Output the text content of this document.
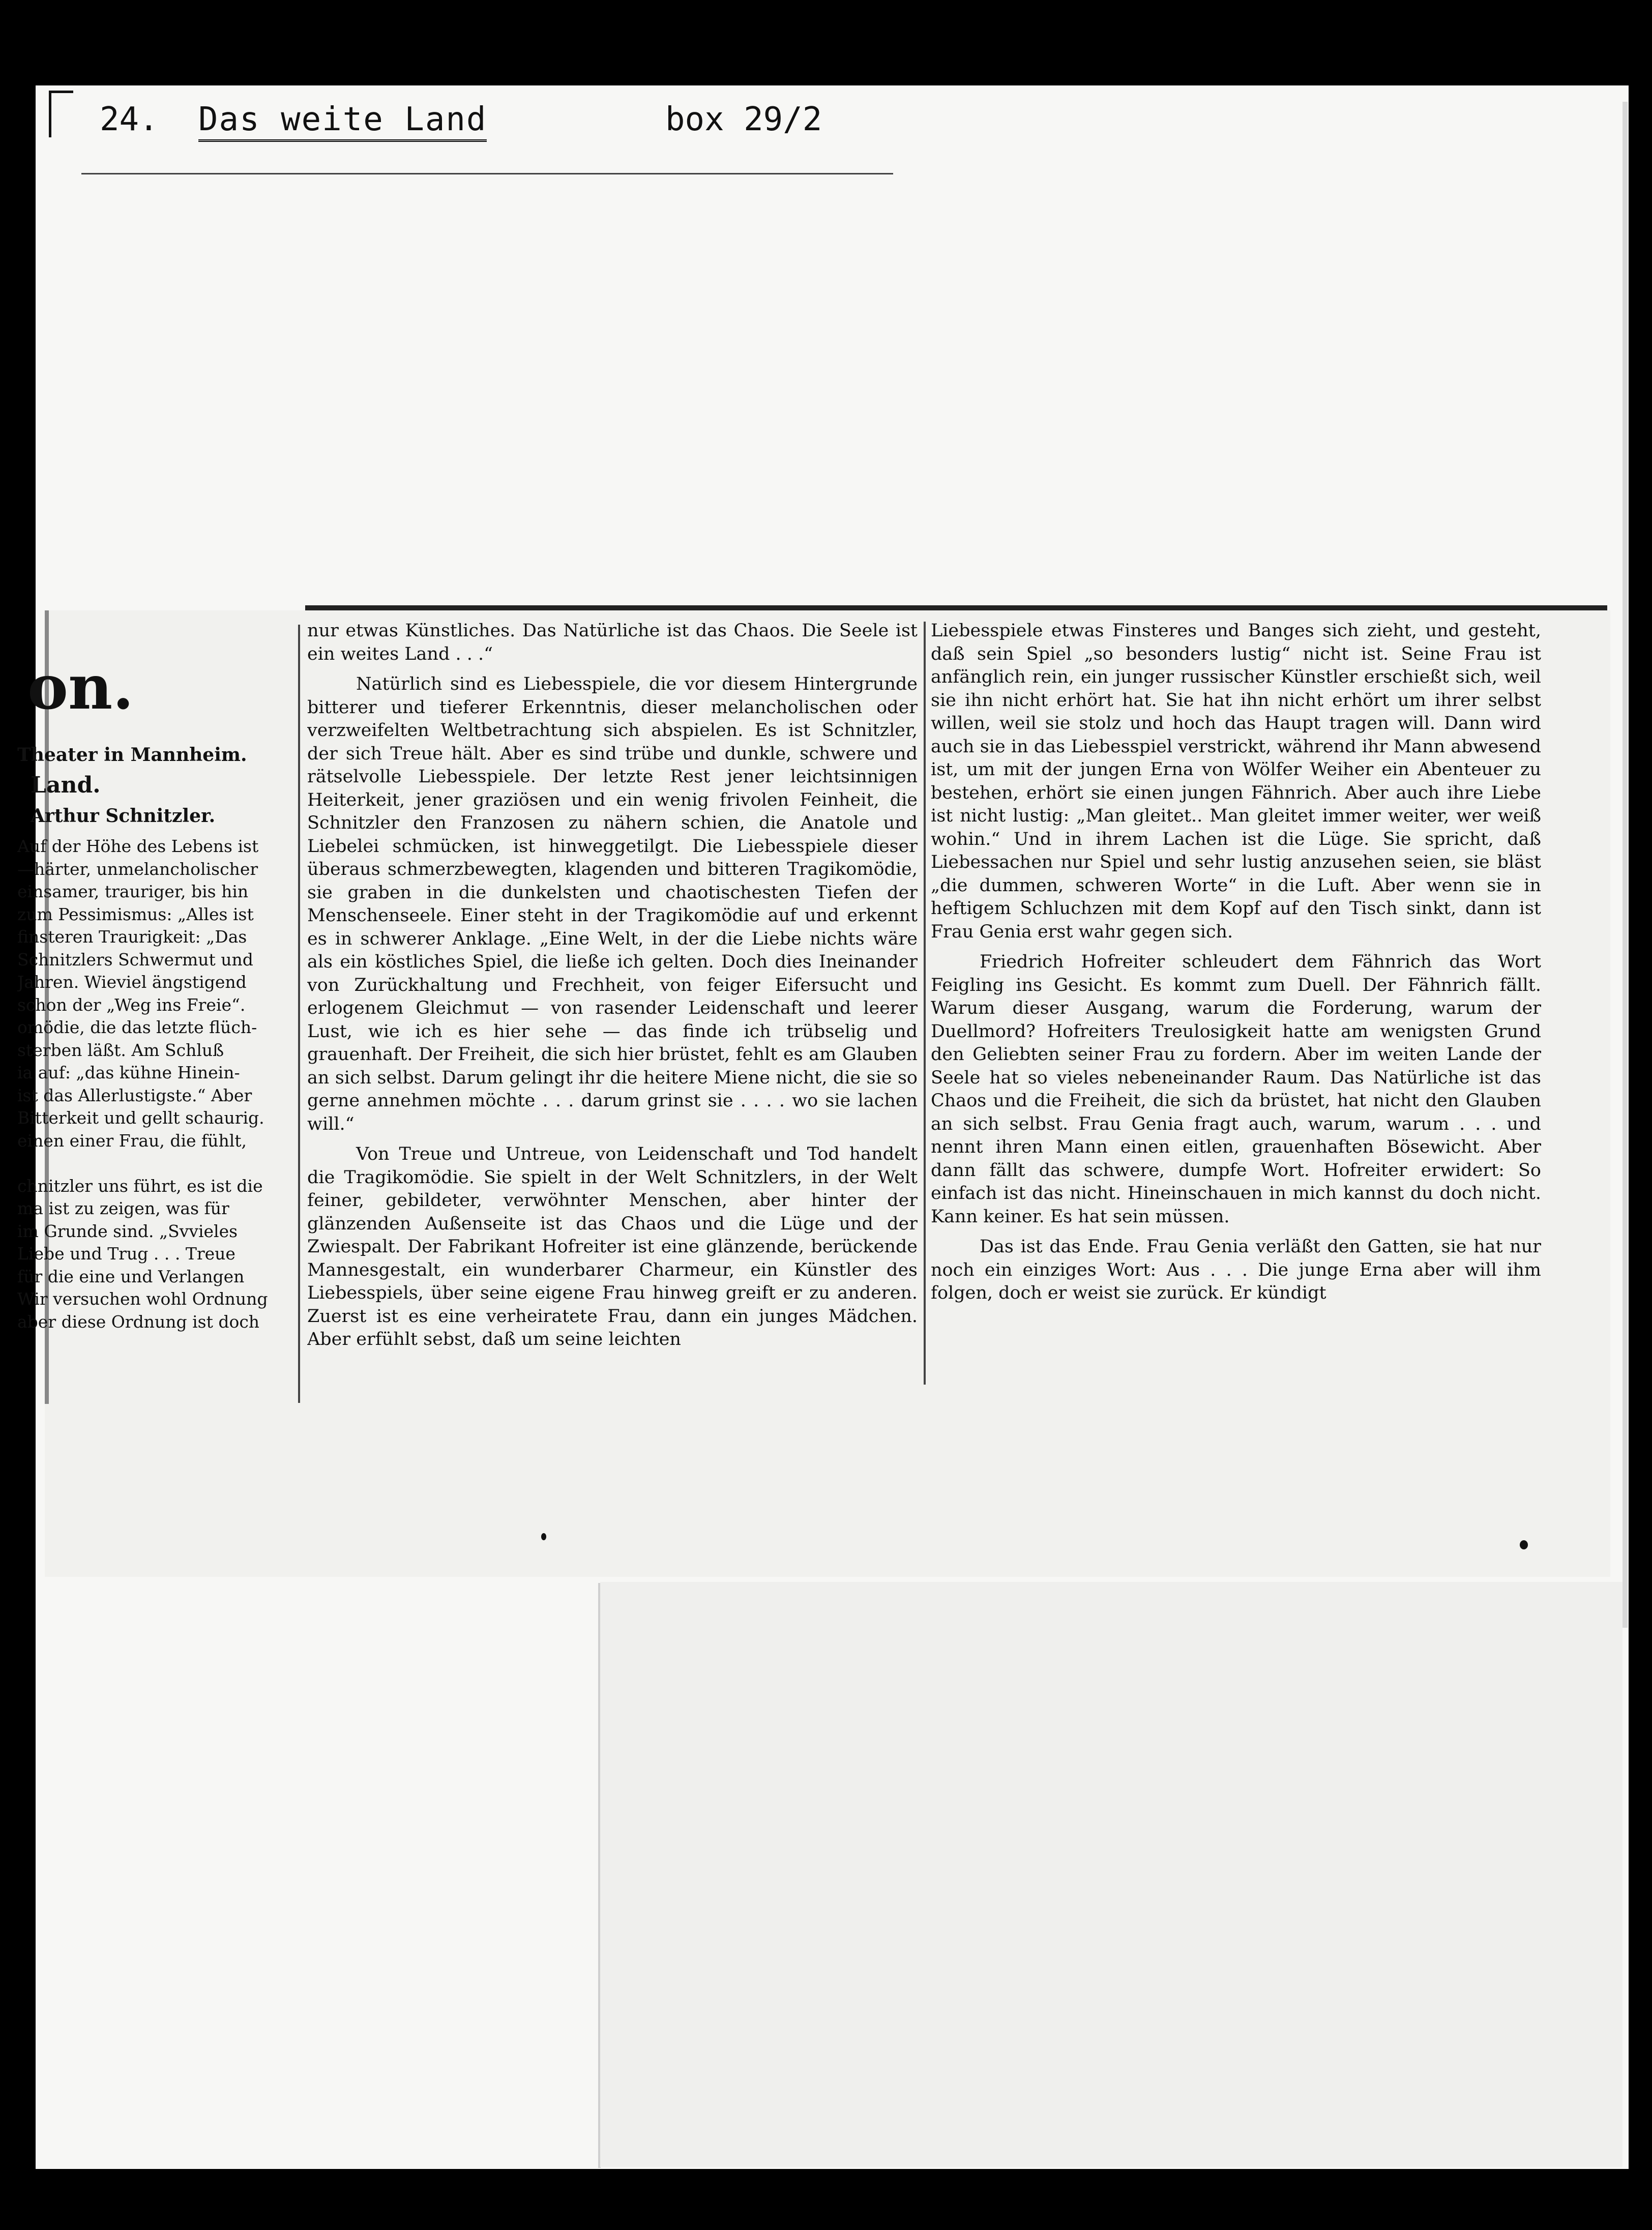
24. Das weite Land	box 29/2
on.
Theater in Mannheim.
Land.
Arthur Schnitzler.

Auf der Höhe des Lebens ist
—härter, unmelancholischer
einsamer, trauriger, bis hin
zum Pessimismus: „Alles ist
finsteren Traurigkeit: „Das
Schnitzlers Schwermut und
Jahren. Wieviel ängstigend
schon der „Weg ins Freie“.
omödie, die das letzte flüch-
sterben läßt. Am Schluß
ia auf: „das kühne Hinein-
ist das Allerlustigste.“ Aber
Bitterkeit und gellt schaurig.
einen einer Frau, die fühlt,

chnitzler uns führt, es ist die
ma ist zu zeigen, was für
im Grunde sind. „Svvieles
Liebe und Trug . . . Treue
für die eine und Verlangen
Wir versuchen wohl Ordnung
aber diese Ordnung ist doch

nur etwas Künstliches. Das Natürliche ist das Chaos. Die Seele ist ein weites Land . . .“

Natürlich sind es Liebesspiele, die vor diesem Hintergrunde bitterer und tieferer Erkenntnis, dieser melancholischen oder verzweifelten Weltbetrachtung sich abspielen. Es ist Schnitzler, der sich Treue hält. Aber es sind trübe und dunkle, schwere und rätselvolle Liebesspiele. Der letzte Rest jener leichtsinnigen Heiterkeit, jener graziösen und ein wenig frivolen Feinheit, die Schnitzler den Franzosen zu nähern schien, die Anatole und Liebelei schmücken, ist hinweggetilgt. Die Liebesspiele dieser überaus schmerzbewegten, klagenden und bitteren Tragikomödie, sie graben in die dunkelsten und chaotischesten Tiefen der Menschenseele. Einer steht in der Tragikomödie auf und erkennt es in schwerer Anklage. „Eine Welt, in der die Liebe nichts wäre als ein köstliches Spiel, die ließe ich gelten. Doch dies Ineinander von Zurückhaltung und Frechheit, von feiger Eifersucht und erlogenem Gleichmut — von rasender Leidenschaft und leerer Lust, wie ich es hier sehe — das finde ich trübselig und grauenhaft. Der Freiheit, die sich hier brüstet, fehlt es am Glauben an sich selbst. Darum gelingt ihr die heitere Miene nicht, die sie so gerne annehmen möchte . . . darum grinst sie . . . . wo sie lachen will.“

Von Treue und Untreue, von Leidenschaft und Tod handelt die Tragikomödie. Sie spielt in der Welt Schnitzlers, in der Welt feiner, gebildeter, verwöhnter Menschen, aber hinter der glänzenden Außenseite ist das Chaos und die Lüge und der Zwiespalt. Der Fabrikant Hofreiter ist eine glänzende, berückende Mannesgestalt, ein wunderbarer Charmeur, ein Künstler des Liebesspiels, über seine eigene Frau hinweg greift er zu anderen. Zuerst ist es eine verheiratete Frau, dann ein junges Mädchen. Aber erfühlt sebst, daß um seine leichten

Liebesspiele etwas Finsteres und Banges sich zieht, und gesteht, daß sein Spiel „so besonders lustig“ nicht ist. Seine Frau ist anfänglich rein, ein junger russischer Künstler erschießt sich, weil sie ihn nicht erhört hat. Sie hat ihn nicht erhört um ihrer selbst willen, weil sie stolz und hoch das Haupt tragen will. Dann wird auch sie in das Liebesspiel verstrickt, während ihr Mann abwesend ist, um mit der jungen Erna von Wölfer Weiher ein Abenteuer zu bestehen, erhört sie einen jungen Fähnrich. Aber auch ihre Liebe ist nicht lustig: „Man gleitet.. Man gleitet immer weiter, wer weiß wohin.“ Und in ihrem Lachen ist die Lüge. Sie spricht, daß Liebessachen nur Spiel und sehr lustig anzusehen seien, sie bläst „die dummen, schweren Worte“ in die Luft. Aber wenn sie in heftigem Schluchzen mit dem Kopf auf den Tisch sinkt, dann ist Frau Genia erst wahr gegen sich.

Friedrich Hofreiter schleudert dem Fähnrich das Wort Feigling ins Gesicht. Es kommt zum Duell. Der Fähnrich fällt. Warum dieser Ausgang, warum die Forderung, warum der Duellmord? Hofreiters Treulosigkeit hatte am wenigsten Grund den Geliebten seiner Frau zu fordern. Aber im weiten Lande der Seele hat so vieles nebeneinander Raum. Das Natürliche ist das Chaos und die Freiheit, die sich da brüstet, hat nicht den Glauben an sich selbst. Frau Genia fragt auch, warum, warum . . . und nennt ihren Mann einen eitlen, grauenhaften Bösewicht. Aber dann fällt das schwere, dumpfe Wort. Hofreiter erwidert: So einfach ist das nicht. Hineinschauen in mich kannst du doch nicht. Kann keiner. Es hat sein müssen.

Das ist das Ende. Frau Genia verläßt den Gatten, sie hat nur noch ein einziges Wort: Aus . . . Die junge Erna aber will ihm folgen, doch er weist sie zurück. Er kündigt
